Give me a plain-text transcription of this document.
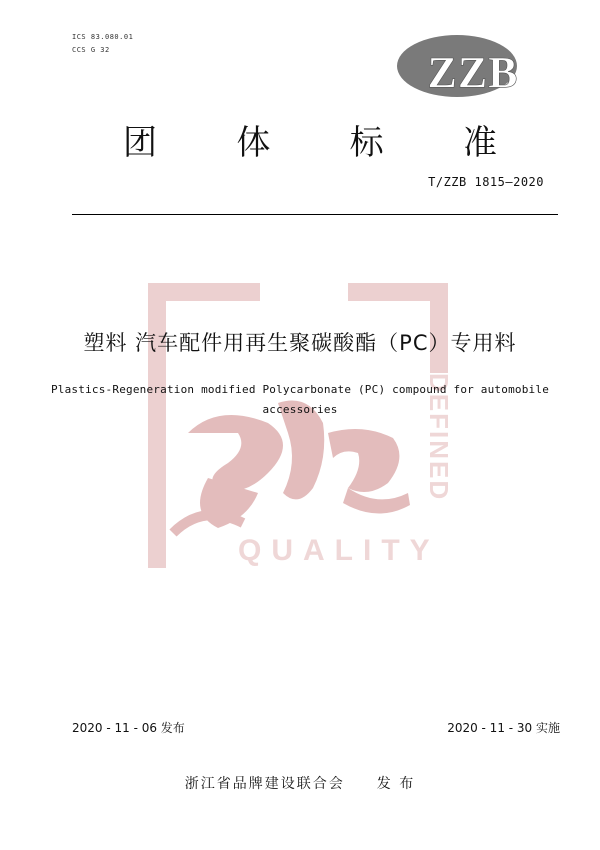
ICS 83.080.01
CCS G 32	ZZB
团 体 标 准
T/ZZB 1815—2020
DEFINED
QUALITY
塑料 汽车配件用再生聚碳酸酯（PC）专用料
Plastics-Regeneration modified Polycarbonate (PC) compound for automobile
accessories
2020 - 11 - 06 发布	2020 - 11 - 30 实施
浙江省品牌建设联合会　　发 布
